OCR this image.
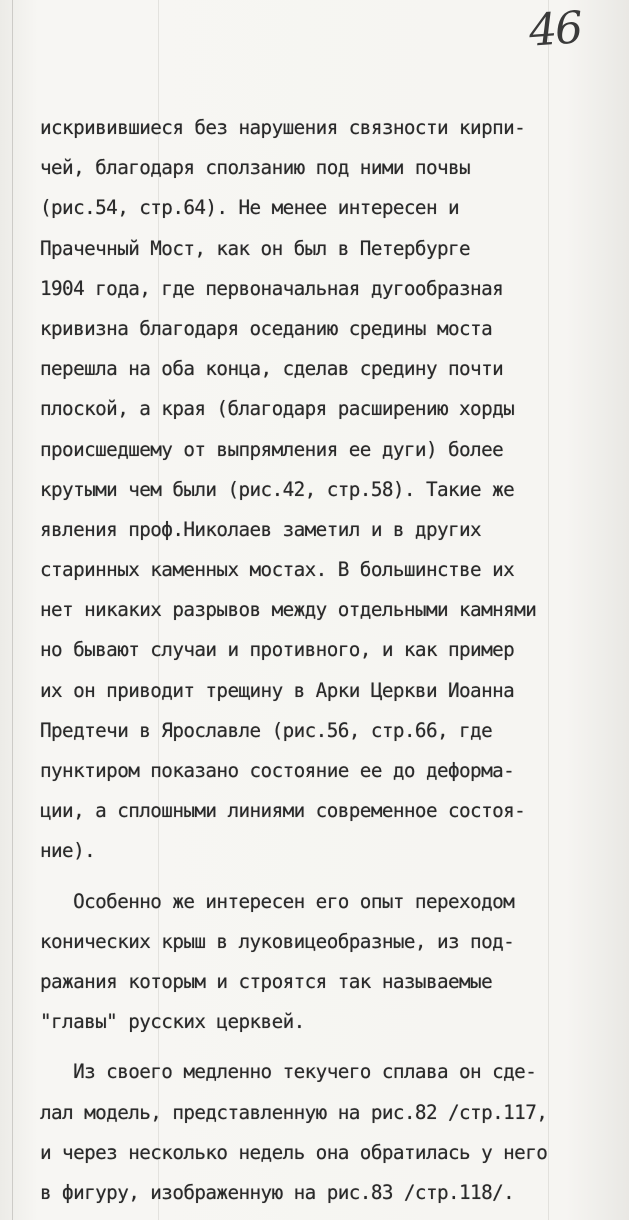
46
искривившиеся без нарушения связности кирпи-
чей, благодаря сползанию под ними почвы
(рис.54, стр.64). Не менее интересен и
Прачечный Мост, как он был в Петербурге
1904 года, где первоначальная дугообразная
кривизна благодаря оседанию средины моста
перешла на оба конца, сделав средину почти
плоской, а края (благодаря расширению хорды
происшедшему от выпрямления ее дуги) более
крутыми чем были (рис.42, стр.58). Такие же
явления проф.Николаев заметил и в других
старинных каменных мостах. В большинстве их
нет никаких разрывов между отдельными камнями
но бывают случаи и противного, и как пример
их он приводит трещину в Арки Церкви Иоанна
Предтечи в Ярославле (рис.56, стр.66, где
пунктиром показано состояние ее до деформа-
ции, а сплошными линиями современное состоя-
ние).
Особенно же интересен его опыт переходом
конических крыш в луковицеобразные, из под-
ражания которым и строятся так называемые
"главы" русских церквей.
Из своего медленно текучего сплава он сде-
лал модель, представленную на рис.82 /стр.117,
и через несколько недель она обратилась у него
в фигуру, изображенную на рис.83 /стр.118/.
